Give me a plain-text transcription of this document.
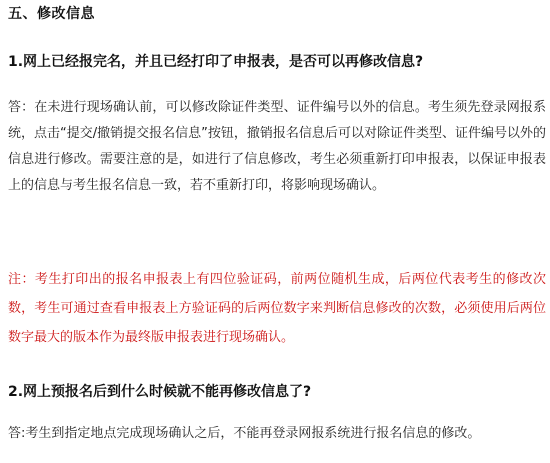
五、修改信息
1.网上已经报完名，并且已经打印了申报表，是否可以再修改信息?
答：在未进行现场确认前，可以修改除证件类型、证件编号以外的信息。考生须先登录网报系统，点击“提交/撤销提交报名信息”按钮，撤销报名信息后可以对除证件类型、证件编号以外的信息进行修改。需要注意的是，如进行了信息修改，考生必须重新打印申报表，以保证申报表上的信息与考生报名信息一致，若不重新打印，将影响现场确认。
注：考生打印出的报名申报表上有四位验证码，前两位随机生成，后两位代表考生的修改次数，考生可通过查看申报表上方验证码的后两位数字来判断信息修改的次数，必须使用后两位数字最大的版本作为最终版申报表进行现场确认。
2.网上预报名后到什么时候就不能再修改信息了?
答:考生到指定地点完成现场确认之后，不能再登录网报系统进行报名信息的修改。
